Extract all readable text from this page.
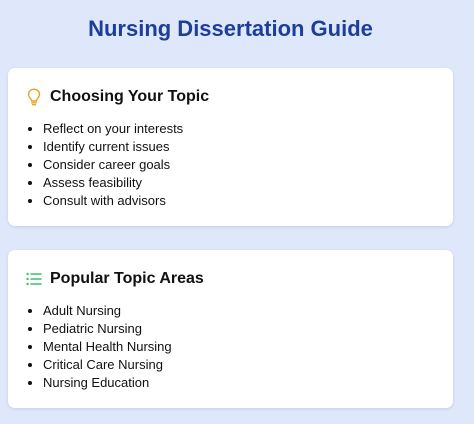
Nursing Dissertation Guide
Choosing Your Topic
• Reflect on your interests
• Identify current issues
• Consider career goals
• Assess feasibility
• Consult with advisors
Popular Topic Areas
• Adult Nursing
• Pediatric Nursing
• Mental Health Nursing
• Critical Care Nursing
• Nursing Education
